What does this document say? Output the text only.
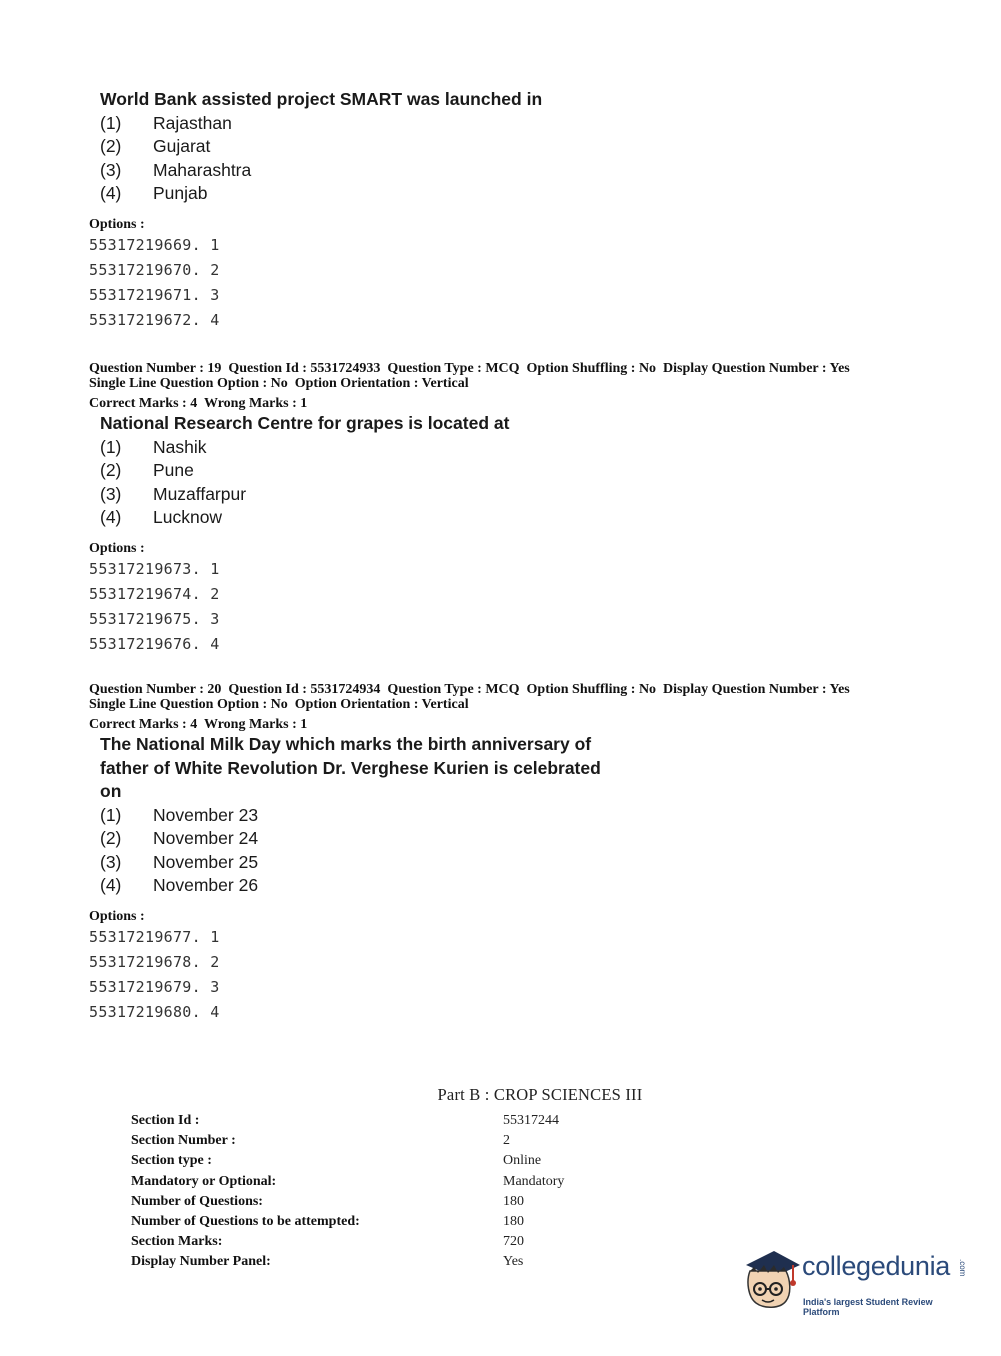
World Bank assisted project SMART was launched in

(1)	Rajasthan
(2)	Gujarat
(3)	Maharashtra
(4)	Punjab
Options :
55317219669. 1
55317219670. 2
55317219671. 3
55317219672. 4
Question Number : 19  Question Id : 5531724933  Question Type : MCQ  Option Shuffling : No  Display Question Number : Yes
Single Line Question Option : No  Option Orientation : Vertical
Correct Marks : 4  Wrong Marks : 1

National Research Centre for grapes is located at

(1)	Nashik
(2)	Pune
(3)	Muzaffarpur
(4)	Lucknow
Options :
55317219673. 1
55317219674. 2
55317219675. 3
55317219676. 4
Question Number : 20  Question Id : 5531724934  Question Type : MCQ  Option Shuffling : No  Display Question Number : Yes
Single Line Question Option : No  Option Orientation : Vertical
Correct Marks : 4  Wrong Marks : 1

The National Milk Day which marks the birth anniversary of

father of White Revolution Dr. Verghese Kurien is celebrated

on

(1)	November 23
(2)	November 24
(3)	November 25
(4)	November 26
Options :
55317219677. 1
55317219678. 2
55317219679. 3
55317219680. 4
Part B : CROP SCIENCES III
Section Id :	55317244
Section Number :	2
Section type :	Online
Mandatory or Optional:	Mandatory
Number of Questions:	180
Number of Questions to be attempted:	180
Section Marks:	720
Display Number Panel:	Yes	collegedunia .com
India's largest Student Review Platform
